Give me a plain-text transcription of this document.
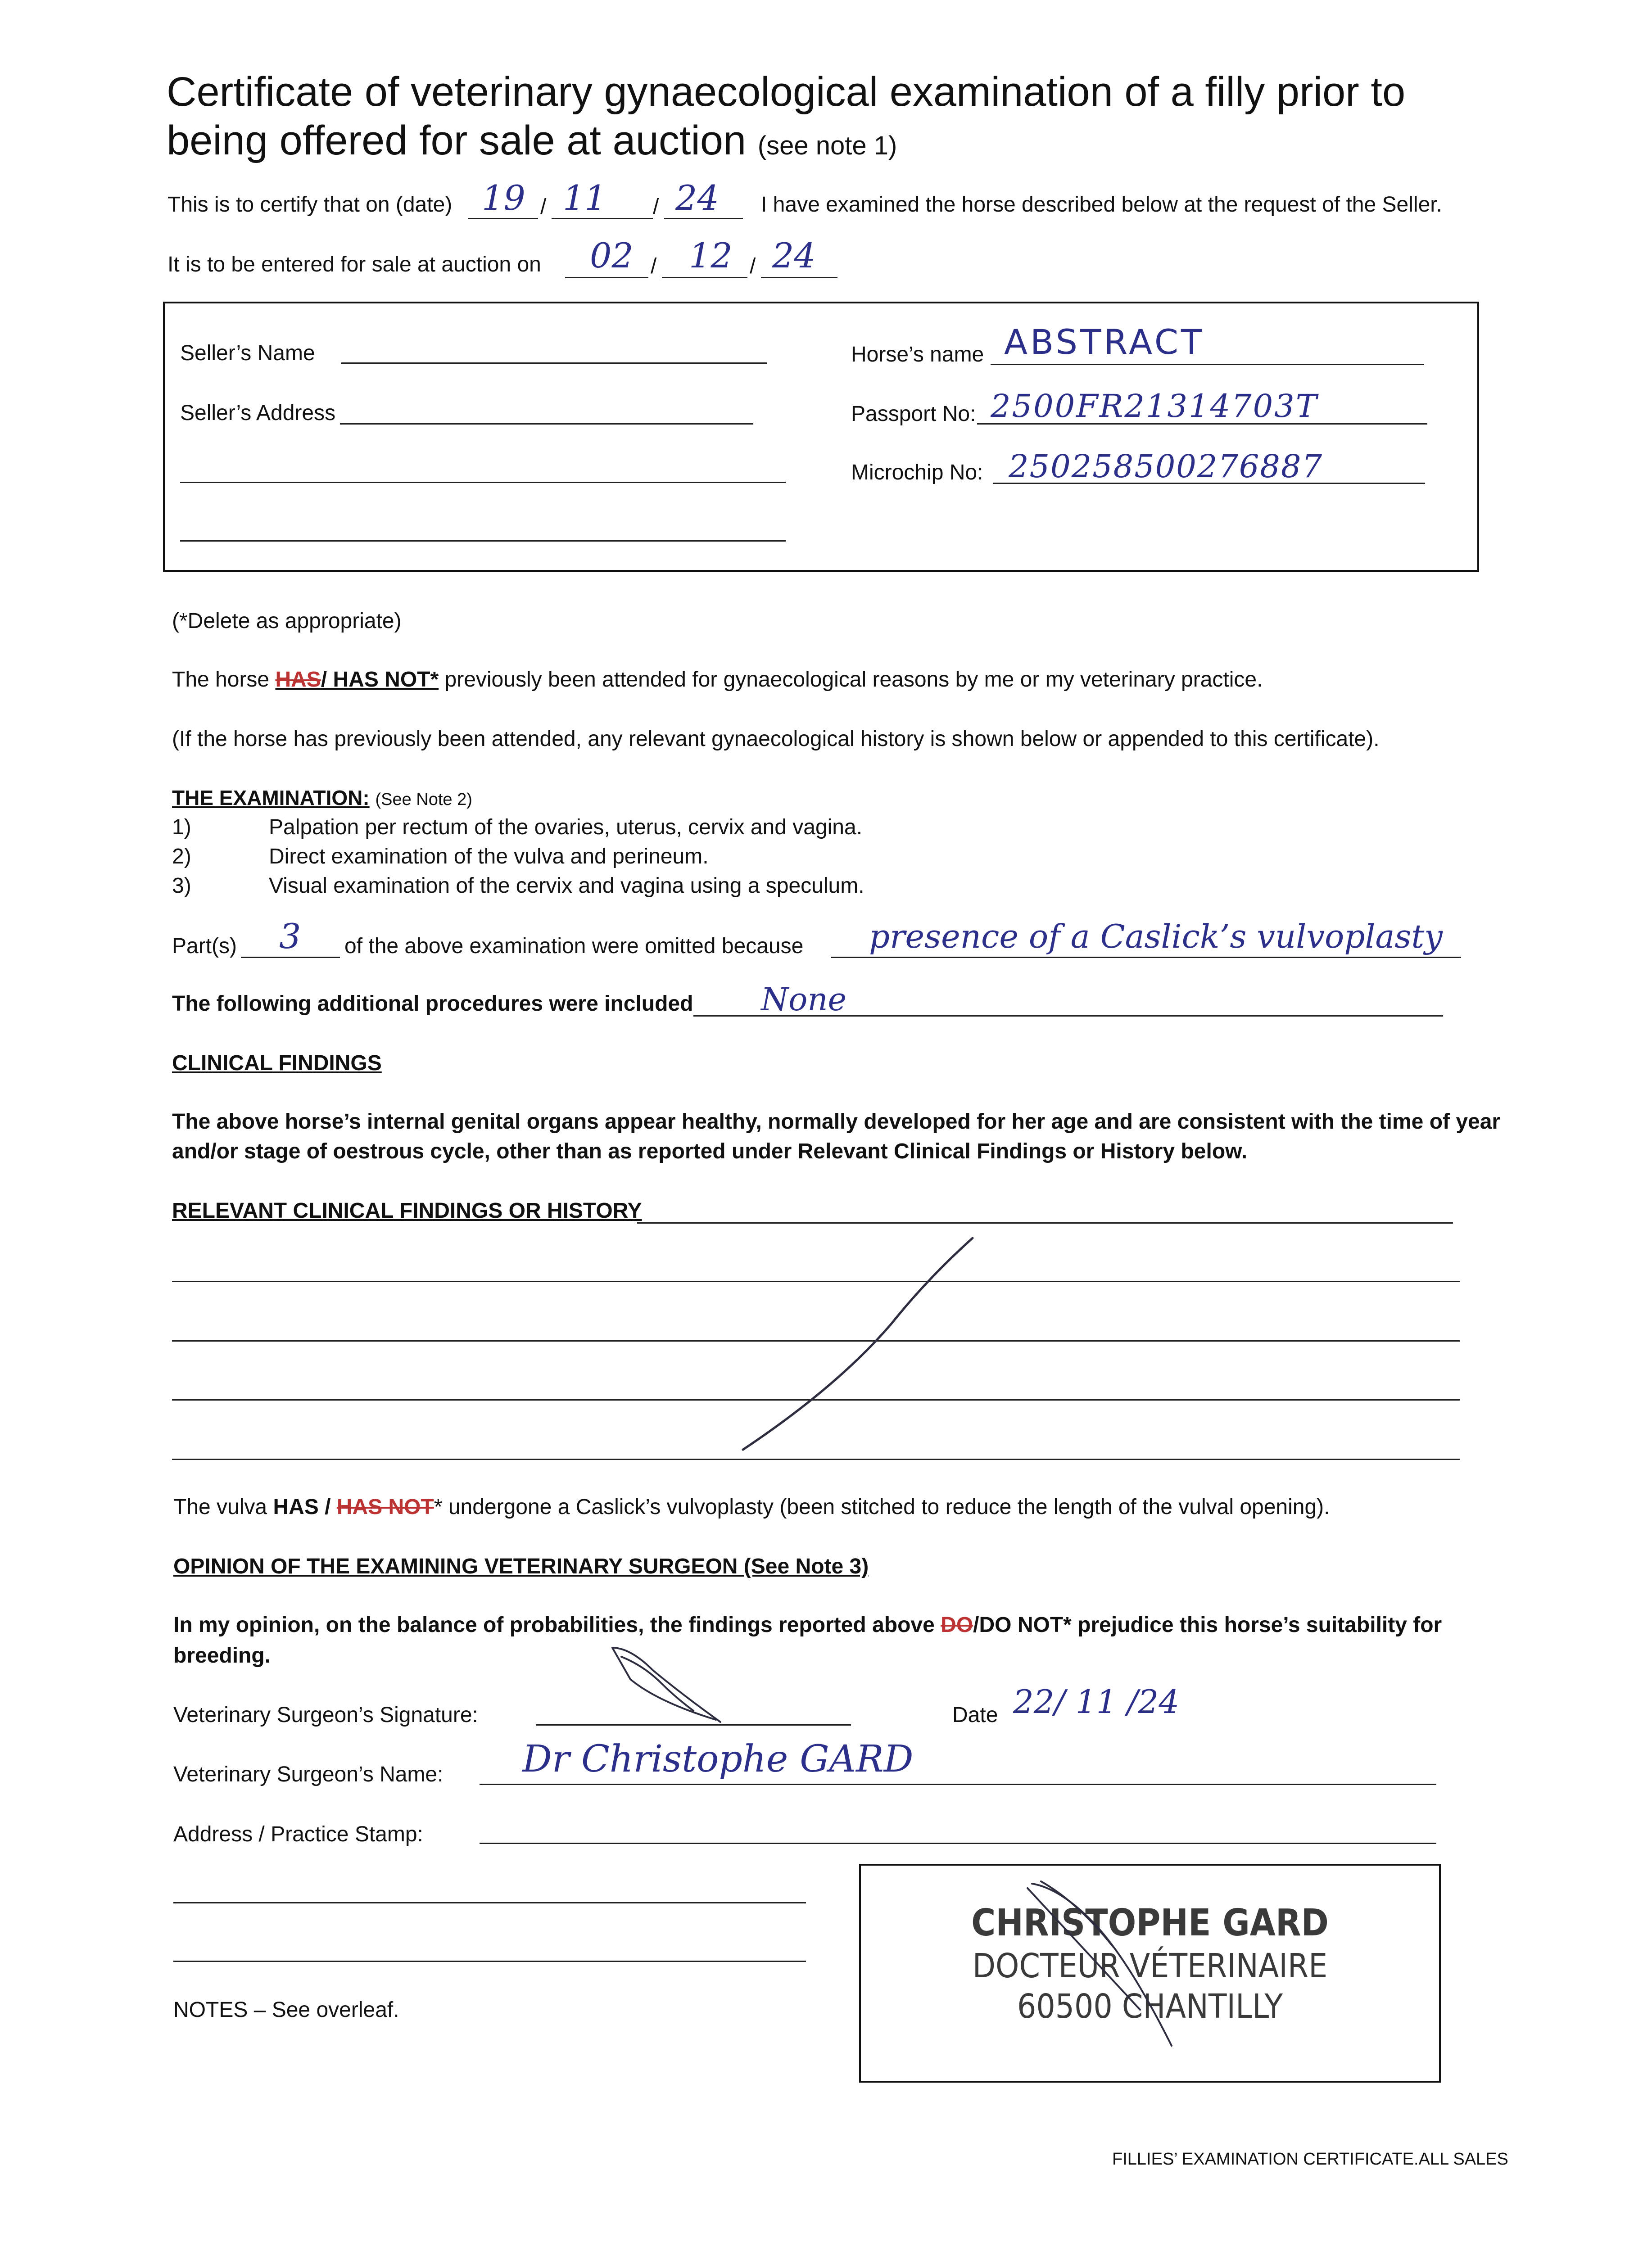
Certificate of veterinary gynaecological examination of a filly prior to
being offered for sale at auction (see note 1)
This is to certify that on (date) 19 / 11 / 24 I have examined the horse described below at the request of the Seller.
It is to be entered for sale at auction on 02 / 12 / 24
Seller’s Name
Seller’s Address
Horse’s name ABSTRACT
Passport No: 2500FR21314703T
Microchip No: 250258500276887
(*Delete as appropriate)
The horse HAS/ HAS NOT* previously been attended for gynaecological reasons by me or my veterinary practice.
(If the horse has previously been attended, any relevant gynaecological history is shown below or appended to this certificate).
THE EXAMINATION: (See Note 2)
1)	Palpation per rectum of the ovaries, uterus, cervix and vagina.
2)	Direct examination of the vulva and perineum.
3)	Visual examination of the cervix and vagina using a speculum.
Part(s) 3 of the above examination were omitted because presence of a Caslick’s vulvoplasty
The following additional procedures were included None
CLINICAL FINDINGS
The above horse’s internal genital organs appear healthy, normally developed for her age and are consistent with the time of year
and/or stage of oestrous cycle, other than as reported under Relevant Clinical Findings or History below.
RELEVANT CLINICAL FINDINGS OR HISTORY
The vulva HAS / HAS NOT* undergone a Caslick’s vulvoplasty (been stitched to reduce the length of the vulval opening).
OPINION OF THE EXAMINING VETERINARY SURGEON (See Note 3)
In my opinion, on the balance of probabilities, the findings reported above DO/DO NOT* prejudice this horse’s suitability for
breeding.
Veterinary Surgeon’s Signature:	Date 22/ 11 /24
Veterinary Surgeon’s Name: Dr Christophe GARD
Address / Practice Stamp:
CHRISTOPHE GARD
DOCTEUR VÉTERINAIRE
60500 CHANTILLY
NOTES – See overleaf.
FILLIES’ EXAMINATION CERTIFICATE.ALL SALES
